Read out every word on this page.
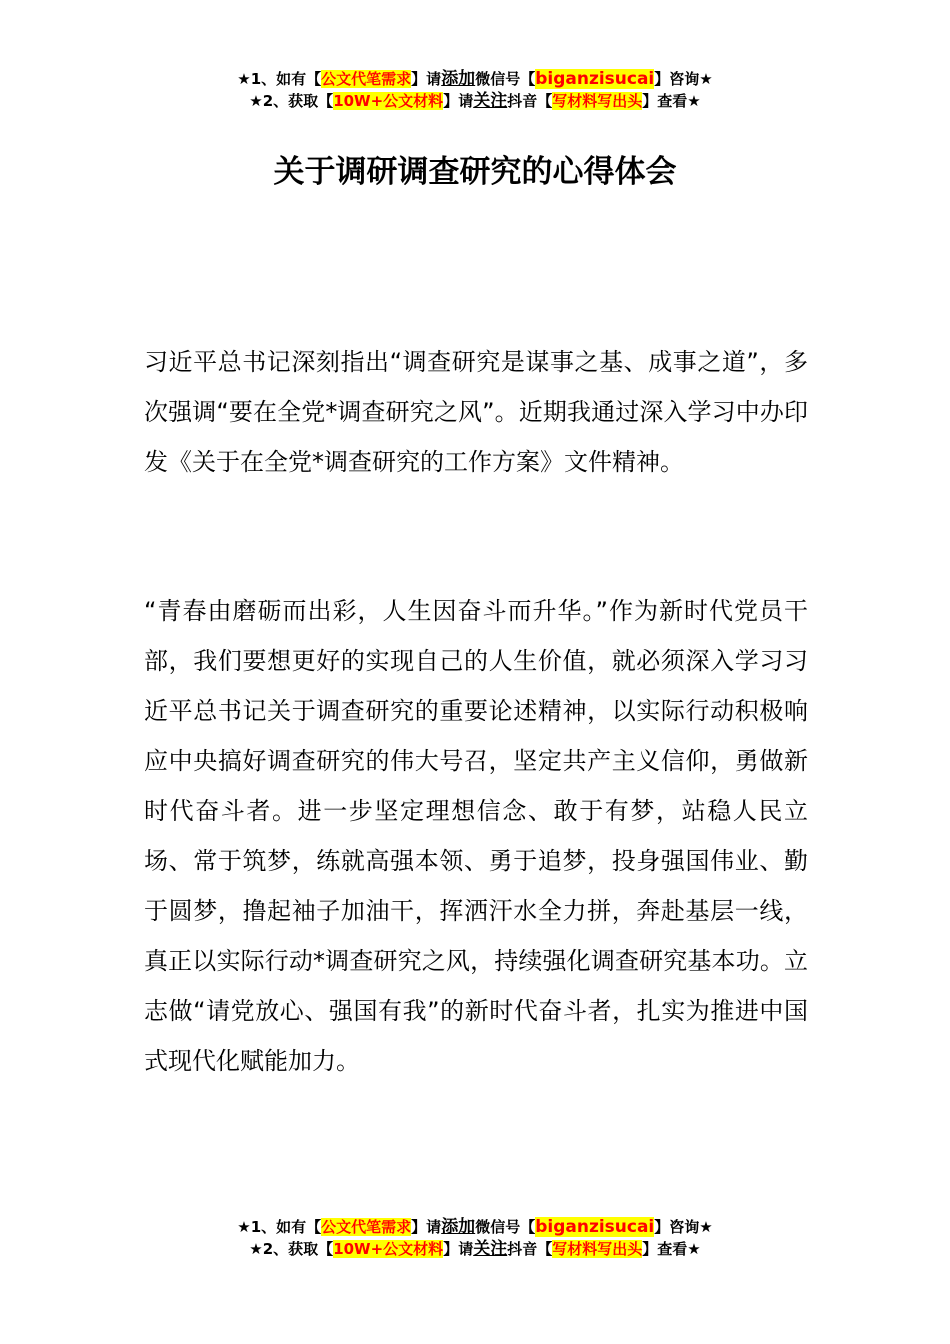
★1、如有【公文代笔需求】请添加微信号【biganzisucai】咨询★
★2、获取【10W+公文材料】请关注抖音【写材料写出头】查看★
关于调研调查研究的心得体会

习近平总书记深刻指出“调查研究是谋事之基、成事之道”，多次强调“要在全党*调查研究之风”。近期我通过深入学习中办印发《关于在全党*调查研究的工作方案》文件精神。

“青春由磨砺而出彩，人生因奋斗而升华。”作为新时代党员干部，我们要想更好的实现自己的人生价值，就必须深入学习习近平总书记关于调查研究的重要论述精神，以实际行动积极响应中央搞好调查研究的伟大号召，坚定共产主义信仰，勇做新时代奋斗者。进一步坚定理想信念、敢于有梦，站稳人民立场、常于筑梦，练就高强本领、勇于追梦，投身强国伟业、勤于圆梦，撸起袖子加油干，挥洒汗水全力拼，奔赴基层一线，真正以实际行动*调查研究之风，持续强化调查研究基本功。立志做“请党放心、强国有我”的新时代奋斗者，扎实为推进中国式现代化赋能加力。

★1、如有【公文代笔需求】请添加微信号【biganzisucai】咨询★
★2、获取【10W+公文材料】请关注抖音【写材料写出头】查看★
